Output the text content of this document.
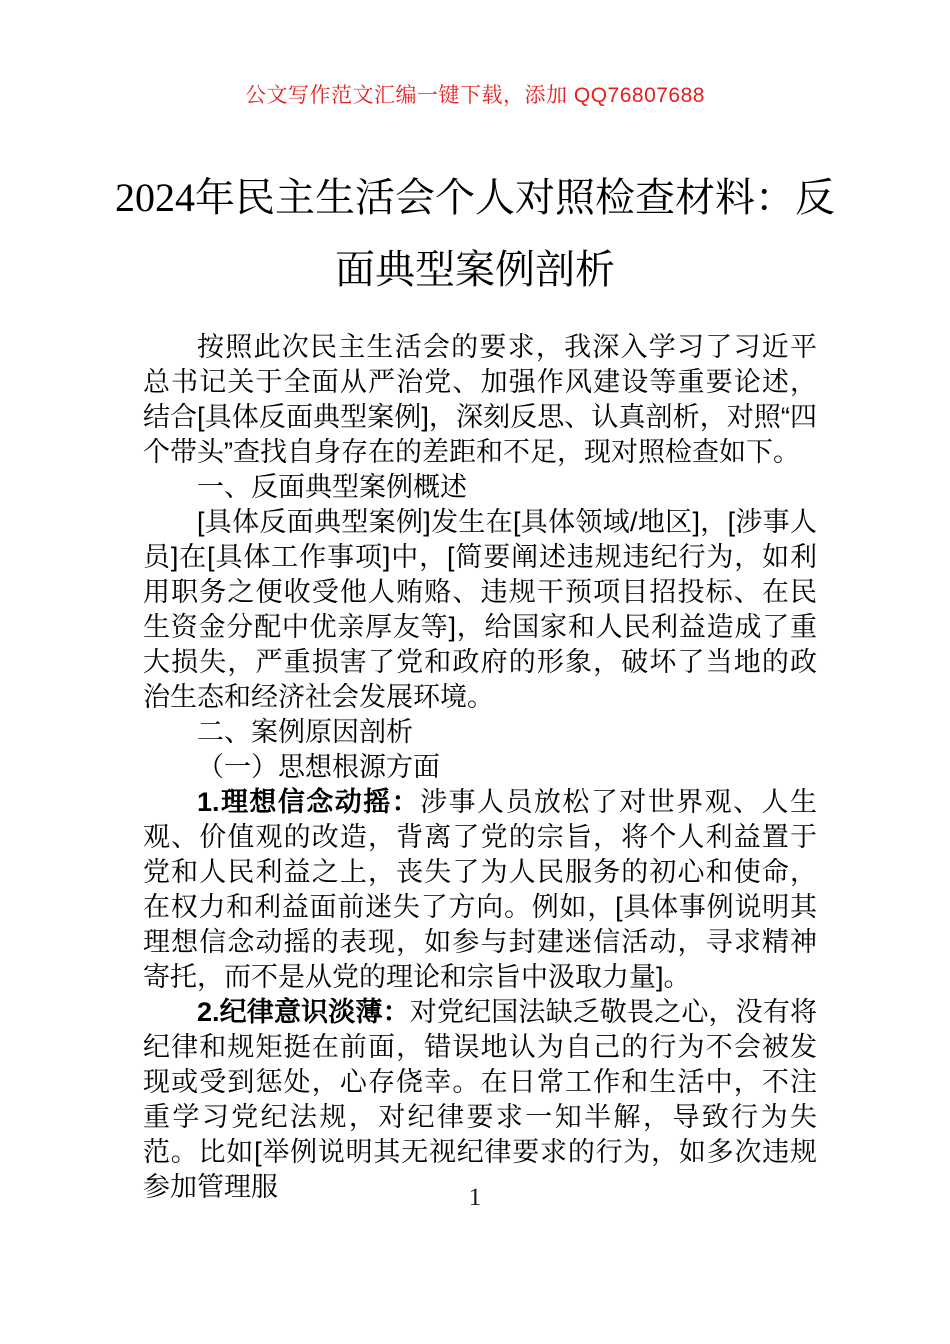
公文写作范文汇编一键下载，添加 QQ76807688
2024年民主生活会个人对照检查材料：反
面典型案例剖析

按照此次民主生活会的要求，我深入学习了习近平总书记关于全面从严治党、加强作风建设等重要论述，结合[具体反面典型案例]，深刻反思、认真剖析，对照“四个带头”查找自身存在的差距和不足，现对照检查如下。

一、反面典型案例概述

[具体反面典型案例]发生在[具体领域/地区]，[涉事人员]在[具体工作事项]中，[简要阐述违规违纪行为，如利用职务之便收受他人贿赂、违规干预项目招投标、在民生资金分配中优亲厚友等]，给国家和人民利益造成了重大损失，严重损害了党和政府的形象，破坏了当地的政治生态和经济社会发展环境。

二、案例原因剖析

（一）思想根源方面

1.理想信念动摇：涉事人员放松了对世界观、人生观、价值观的改造，背离了党的宗旨，将个人利益置于党和人民利益之上，丧失了为人民服务的初心和使命，在权力和利益面前迷失了方向。例如，[具体事例说明其理想信念动摇的表现，如参与封建迷信活动，寻求精神寄托，而不是从党的理论和宗旨中汲取力量]。

2.纪律意识淡薄：对党纪国法缺乏敬畏之心，没有将纪律和规矩挺在前面，错误地认为自己的行为不会被发现或受到惩处，心存侥幸。在日常工作和生活中，不注重学习党纪法规，对纪律要求一知半解，导致行为失范。比如[举例说明其无视纪律要求的行为，如多次违规参加管理服	1
